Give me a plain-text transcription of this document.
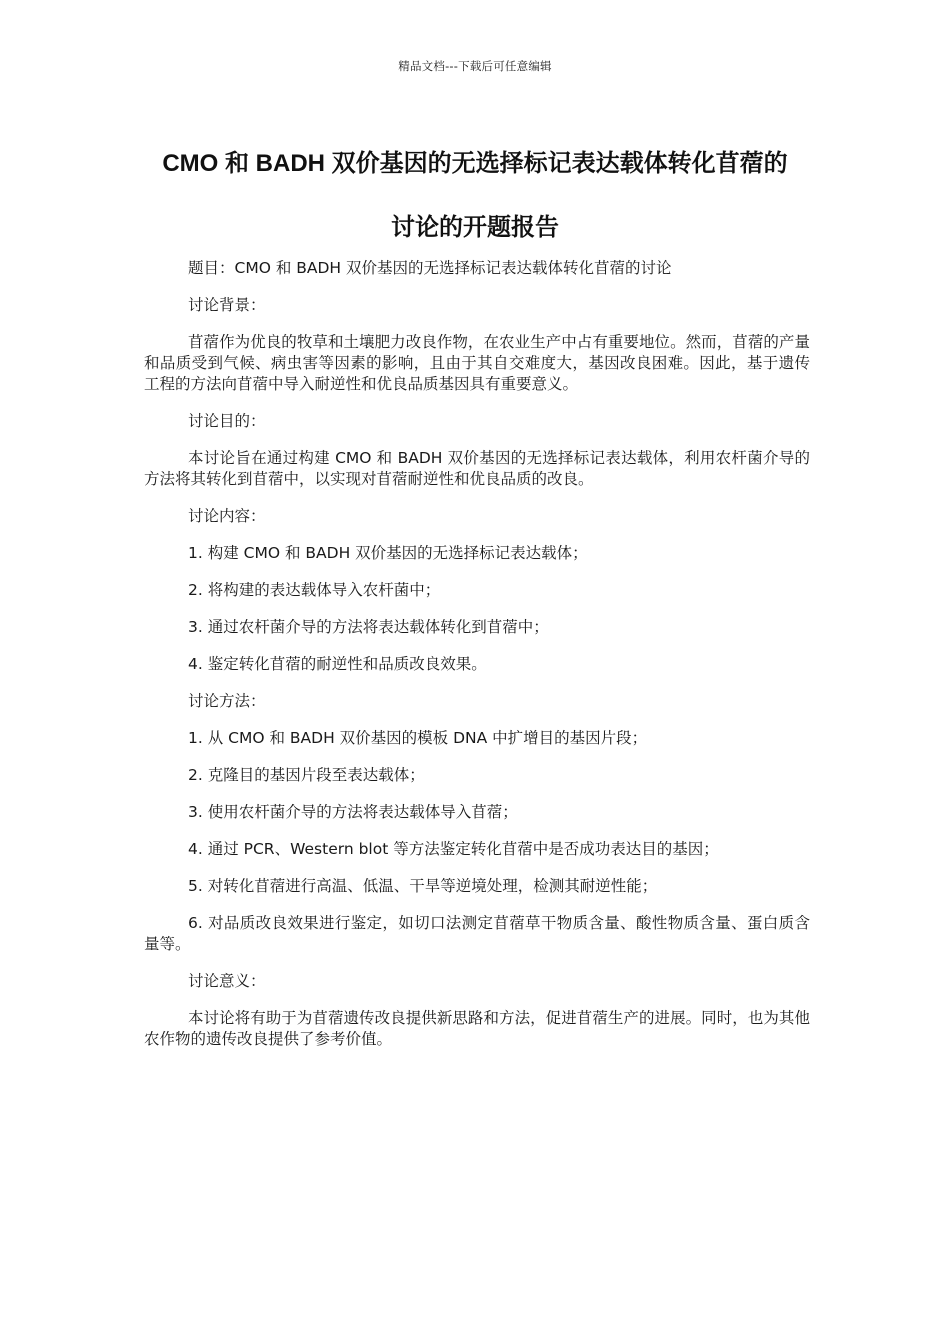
精品文档---下载后可任意编辑
CMO 和 BADH 双价基因的无选择标记表达载体转化苜蓿的
讨论的开题报告

题目：CMO 和 BADH 双价基因的无选择标记表达载体转化苜蓿的讨论

讨论背景：

苜蓿作为优良的牧草和土壤肥力改良作物，在农业生产中占有重要地位。然而，苜蓿的产量和品质受到气候、病虫害等因素的影响，且由于其自交难度大，基因改良困难。因此，基于遗传工程的方法向苜蓿中导入耐逆性和优良品质基因具有重要意义。

讨论目的：

本讨论旨在通过构建 CMO 和 BADH 双价基因的无选择标记表达载体，利用农杆菌介导的方法将其转化到苜蓿中，以实现对苜蓿耐逆性和优良品质的改良。

讨论内容：

1. 构建 CMO 和 BADH 双价基因的无选择标记表达载体；

2. 将构建的表达载体导入农杆菌中；

3. 通过农杆菌介导的方法将表达载体转化到苜蓿中；

4. 鉴定转化苜蓿的耐逆性和品质改良效果。

讨论方法：

1. 从 CMO 和 BADH 双价基因的模板 DNA 中扩增目的基因片段；

2. 克隆目的基因片段至表达载体；

3. 使用农杆菌介导的方法将表达载体导入苜蓿；

4. 通过 PCR、Western blot 等方法鉴定转化苜蓿中是否成功表达目的基因；

5. 对转化苜蓿进行高温、低温、干旱等逆境处理，检测其耐逆性能；

6. 对品质改良效果进行鉴定，如切口法测定苜蓿草干物质含量、酸性物质含量、蛋白质含量等。

讨论意义：

本讨论将有助于为苜蓿遗传改良提供新思路和方法，促进苜蓿生产的进展。同时，也为其他农作物的遗传改良提供了参考价值。
